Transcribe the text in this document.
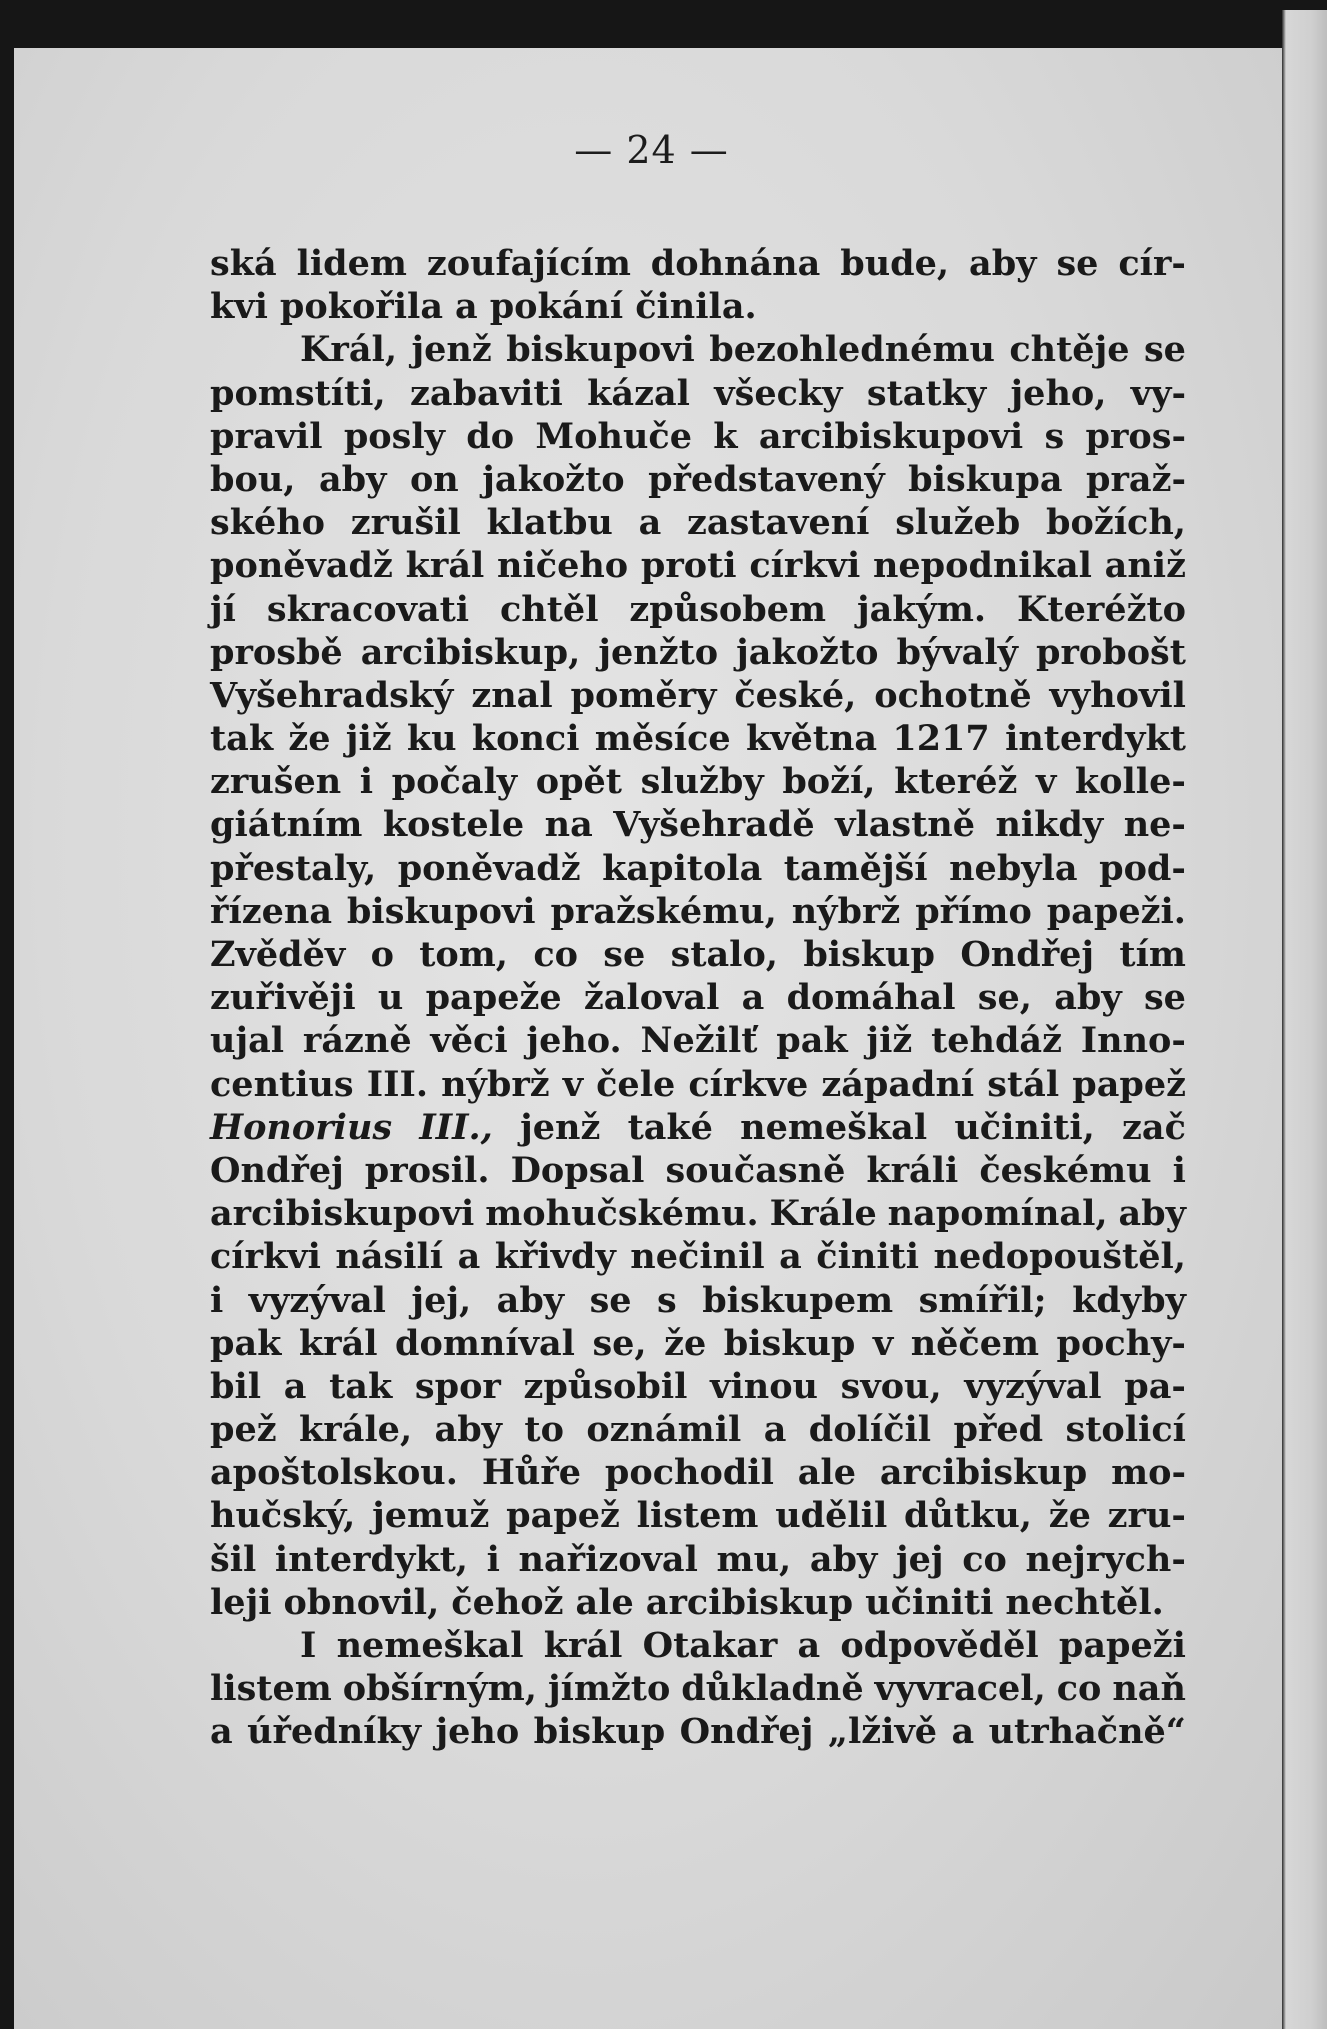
— 24 —
ská lidem zoufajícím dohnána bude, aby se cír-
kvi pokořila a pokání činila.
Král, jenž biskupovi bezohlednému chtěje se
pomstíti, zabaviti kázal všecky statky jeho, vy-
pravil posly do Mohuče k arcibiskupovi s pros-
bou, aby on jakožto představený biskupa praž-
ského zrušil klatbu a zastavení služeb božích,
poněvadž král ničeho proti církvi nepodnikal aniž
jí skracovati chtěl způsobem jakým. Kteréžto
prosbě arcibiskup, jenžto jakožto bývalý probošt
Vyšehradský znal poměry české, ochotně vyhovil
tak že již ku konci měsíce května 1217 interdykt
zrušen i počaly opět služby boží, kteréž v kolle-
giátním kostele na Vyšehradě vlastně nikdy ne-
přestaly, poněvadž kapitola tamější nebyla pod-
řízena biskupovi pražskému, nýbrž přímo papeži.
Zvěděv o tom, co se stalo, biskup Ondřej tím
zuřivěji u papeže žaloval a domáhal se, aby se
ujal rázně věci jeho. Nežilť pak již tehdáž Inno-
centius III. nýbrž v čele církve západní stál papež
Honorius III., jenž také nemeškal učiniti, zač
Ondřej prosil. Dopsal současně králi českému i
arcibiskupovi mohučskému. Krále napomínal, aby
církvi násilí a křivdy nečinil a činiti nedopouštěl,
i vyzýval jej, aby se s biskupem smířil; kdyby
pak král domníval se, že biskup v něčem pochy-
bil a tak spor způsobil vinou svou, vyzýval pa-
pež krále, aby to oznámil a dolíčil před stolicí
apoštolskou. Hůře pochodil ale arcibiskup mo-
hučský, jemuž papež listem udělil důtku, že zru-
šil interdykt, i nařizoval mu, aby jej co nejrych-
leji obnovil, čehož ale arcibiskup učiniti nechtěl.
I nemeškal král Otakar a odpověděl papeži
listem obšírným, jímžto důkladně vyvracel, co naň
a úředníky jeho biskup Ondřej „lživě a utrhačně“
